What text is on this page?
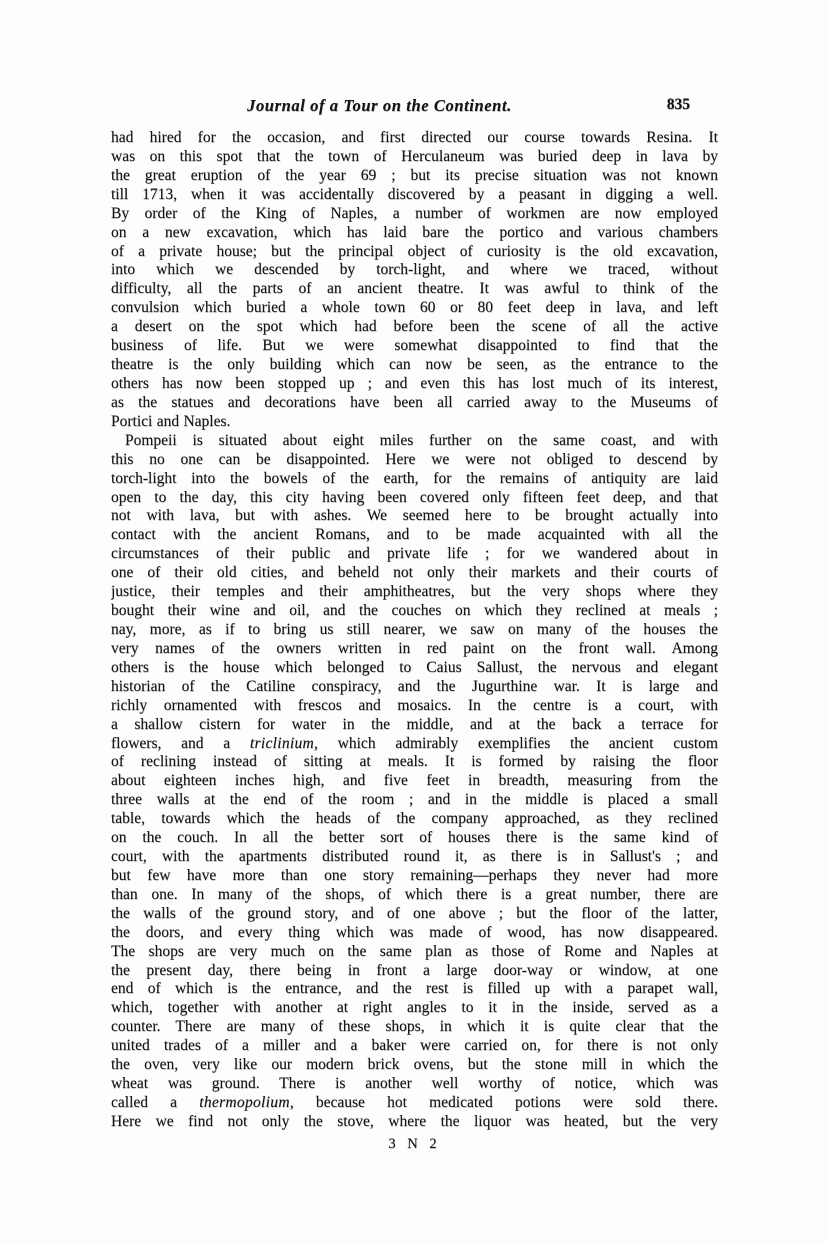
Journal of a Tour on the Continent.	835
had hired for the occasion, and first directed our course towards Resina. It
was on this spot that the town of Herculaneum was buried deep in lava by
the great eruption of the year 69 ; but its precise situation was not known
till 1713, when it was accidentally discovered by a peasant in digging a well.
By order of the King of Naples, a number of workmen are now employed
on a new excavation, which has laid bare the portico and various chambers
of a private house; but the principal object of curiosity is the old excavation,
into which we descended by torch-light, and where we traced, without
difficulty, all the parts of an ancient theatre. It was awful to think of the
convulsion which buried a whole town 60 or 80 feet deep in lava, and left
a desert on the spot which had before been the scene of all the active
business of life. But we were somewhat disappointed to find that the
theatre is the only building which can now be seen, as the entrance to the
others has now been stopped up ; and even this has lost much of its interest,
as the statues and decorations have been all carried away to the Museums of
Portici and Naples.
Pompeii is situated about eight miles further on the same coast, and with
this no one can be disappointed. Here we were not obliged to descend by
torch-light into the bowels of the earth, for the remains of antiquity are laid
open to the day, this city having been covered only fifteen feet deep, and that
not with lava, but with ashes. We seemed here to be brought actually into
contact with the ancient Romans, and to be made acquainted with all the
circumstances of their public and private life ; for we wandered about in
one of their old cities, and beheld not only their markets and their courts of
justice, their temples and their amphitheatres, but the very shops where they
bought their wine and oil, and the couches on which they reclined at meals ;
nay, more, as if to bring us still nearer, we saw on many of the houses the
very names of the owners written in red paint on the front wall. Among
others is the house which belonged to Caius Sallust, the nervous and elegant
historian of the Catiline conspiracy, and the Jugurthine war. It is large and
richly ornamented with frescos and mosaics. In the centre is a court, with
a shallow cistern for water in the middle, and at the back a terrace for
flowers, and a triclinium, which admirably exemplifies the ancient custom
of reclining instead of sitting at meals. It is formed by raising the floor
about eighteen inches high, and five feet in breadth, measuring from the
three walls at the end of the room ; and in the middle is placed a small
table, towards which the heads of the company approached, as they reclined
on the couch. In all the better sort of houses there is the same kind of
court, with the apartments distributed round it, as there is in Sallust's ; and
but few have more than one story remaining—perhaps they never had more
than one. In many of the shops, of which there is a great number, there are
the walls of the ground story, and of one above ; but the floor of the latter,
the doors, and every thing which was made of wood, has now disappeared.
The shops are very much on the same plan as those of Rome and Naples at
the present day, there being in front a large door-way or window, at one
end of which is the entrance, and the rest is filled up with a parapet wall,
which, together with another at right angles to it in the inside, served as a
counter. There are many of these shops, in which it is quite clear that the
united trades of a miller and a baker were carried on, for there is not only
the oven, very like our modern brick ovens, but the stone mill in which the
wheat was ground. There is another well worthy of notice, which was
called a thermopolium, because hot medicated potions were sold there.
Here we find not only the stove, where the liquor was heated, but the very
3 N 2
